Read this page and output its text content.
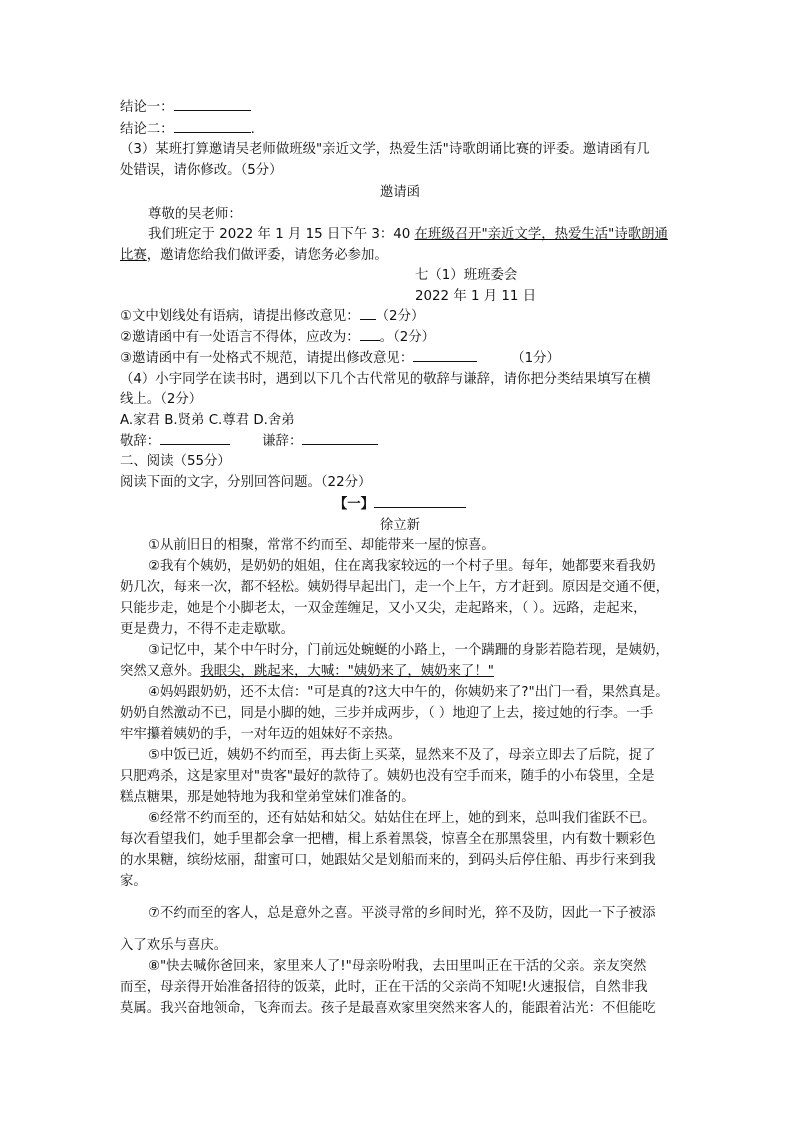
结论一：
结论二：	.
（3）某班打算邀请吴老师做班级"亲近文学，热爱生活"诗歌朗诵比赛的评委。邀请函有几
处错误，请你修改。（5分）
邀请函
尊敬的吴老师：
我们班定于 2022 年 1 月 15 日下午 3：40 在班级召开"亲近文学，热爱生活"诗歌朗通
比赛，邀请您给我们做评委，请您务必参加。
七（1）班班委会
2022 年 1 月 11 日
①文中划线处有语病，请提出修改意见： （2分）
②邀请函中有一处语言不得体，应改为： 。（2分）
③邀请函中有一处格式不规范，请提出修改意见：	（1分）
（4）小宇同学在读书时，遇到以下几个古代常见的敬辞与谦辞，请你把分类结果填写在横
线上。（2分）
A.家君 B.贤弟 C.尊君 D.舍弟
敬辞：	谦辞：
二、阅读（55分）
阅读下面的文字，分别回答问题。（22分）
【一】
徐立新
①从前旧日的相聚，常常不约而至、却能带来一屋的惊喜。
②我有个姨奶，是奶奶的姐姐，住在离我家较远的一个村子里。每年，她都要来看我奶
奶几次，每来一次，都不轻松。姨奶得早起出门，走一个上午，方才赶到。原因是交通不便，
只能步走，她是个小脚老太，一双金莲缠足，又小又尖，走起路来，（ ）。远路，走起来，
更是费力，不得不走走歇歇。
③记忆中，某个中午时分，门前远处蜿蜒的小路上，一个蹒跚的身影若隐若现，是姨奶，
突然又意外。我眼尖，跳起来，大喊："姨奶来了，姨奶来了！"
④妈妈跟奶奶，还不太信："可是真的?这大中午的，你姨奶来了?"出门一看，果然真是。
奶奶自然激动不已，同是小脚的她，三步并成两步，（ ）地迎了上去，接过她的行李。一手
牢牢攥着姨奶的手，一对年迈的姐妹好不亲热。
⑤中饭已近，姨奶不约而至，再去街上买菜，显然来不及了，母亲立即去了后院，捉了
只肥鸡杀，这是家里对"贵客"最好的款待了。姨奶也没有空手而来，随手的小布袋里，全是
糕点糖果，那是她特地为我和堂弟堂妹们准备的。
⑥经常不约而至的，还有姑姑和姑父。姑姑住在坪上，她的到来，总叫我们雀跃不已。
每次看望我们，她手里都会拿一把槽，楫上系着黑袋，惊喜全在那黑袋里，内有数十颗彩色
的水果糖，缤纷炫丽，甜蜜可口，她跟姑父是划船而来的，到码头后停住船、再步行来到我
家。
⑦不约而至的客人，总是意外之喜。平淡寻常的乡间时光，猝不及防，因此一下子被添
入了欢乐与喜庆。
⑧"快去喊你爸回来，家里来人了!"母亲吩咐我，去田里叫正在干活的父亲。亲友突然
而至，母亲得开始准备招待的饭菜，此时，正在干活的父亲尚不知呢!火速报信，自然非我
莫属。我兴奋地领命，飞奔而去。孩子是最喜欢家里突然来客人的，能跟着沾光：不但能吃
